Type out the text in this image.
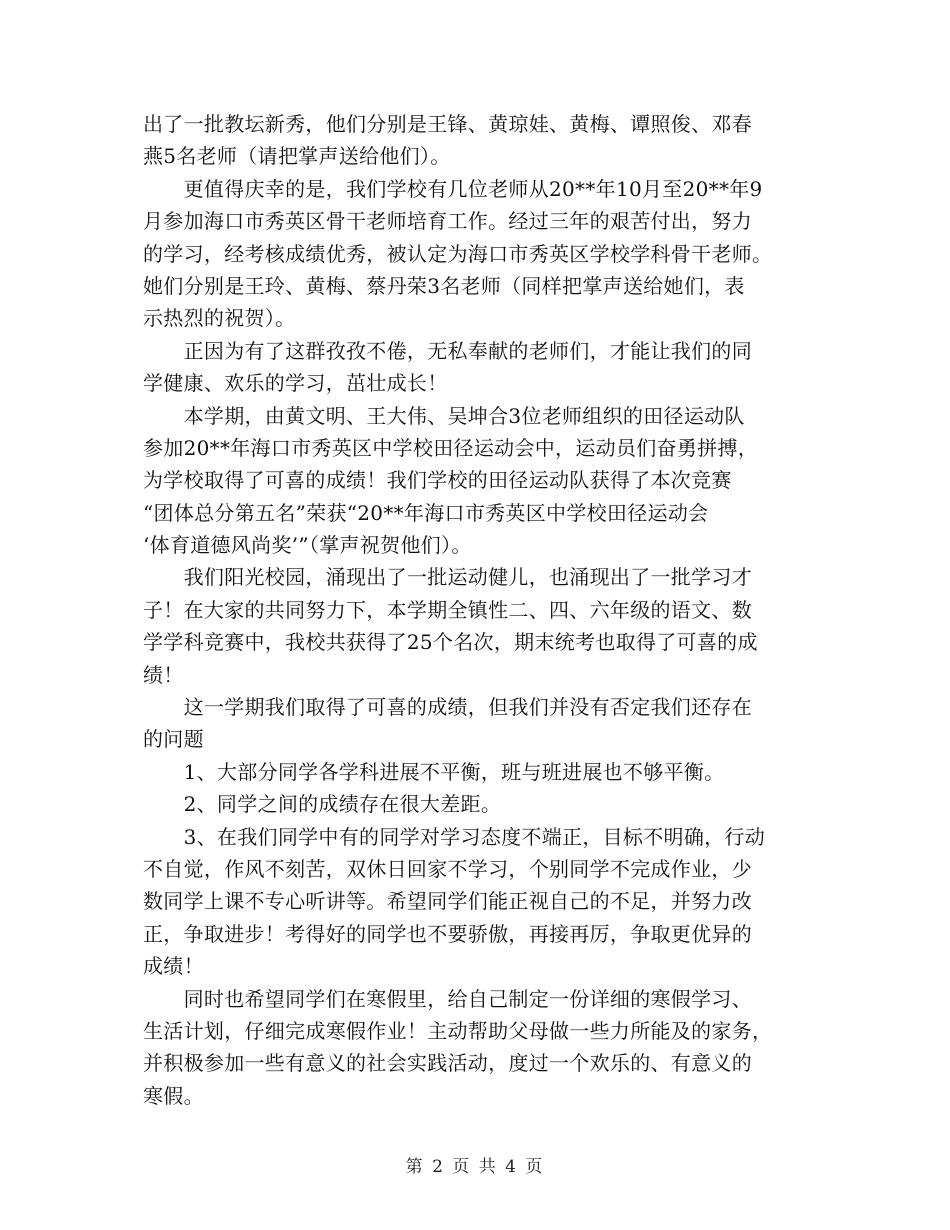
出了一批教坛新秀，他们分别是王锋、黄琼娃、黄梅、谭照俊、邓春
燕5名老师（请把掌声送给他们）。
　　更值得庆幸的是，我们学校有几位老师从20**年10月至20**年9
月参加海口市秀英区骨干老师培育工作。经过三年的艰苦付出，努力
的学习，经考核成绩优秀，被认定为海口市秀英区学校学科骨干老师。
她们分别是王玲、黄梅、蔡丹荣3名老师（同样把掌声送给她们，表
示热烈的祝贺）。
　　正因为有了这群孜孜不倦，无私奉献的老师们，才能让我们的同
学健康、欢乐的学习，茁壮成长！
　　本学期，由黄文明、王大伟、吴坤合3位老师组织的田径运动队
参加20**年海口市秀英区中学校田径运动会中，运动员们奋勇拼搏，
为学校取得了可喜的成绩！我们学校的田径运动队获得了本次竞赛
“团体总分第五名”荣获“20**年海口市秀英区中学校田径运动会
‘体育道德风尚奖’”（掌声祝贺他们）。
　　我们阳光校园，涌现出了一批运动健儿，也涌现出了一批学习才
子！在大家的共同努力下，本学期全镇性二、四、六年级的语文、数
学学科竞赛中，我校共获得了25个名次，期末统考也取得了可喜的成
绩！
　　这一学期我们取得了可喜的成绩，但我们并没有否定我们还存在
的问题
　　1、大部分同学各学科进展不平衡，班与班进展也不够平衡。
　　2、同学之间的成绩存在很大差距。
　　3、在我们同学中有的同学对学习态度不端正，目标不明确，行动
不自觉，作风不刻苦，双休日回家不学习，个别同学不完成作业，少
数同学上课不专心听讲等。希望同学们能正视自己的不足，并努力改
正，争取进步！考得好的同学也不要骄傲，再接再厉，争取更优异的
成绩！
　　同时也希望同学们在寒假里，给自己制定一份详细的寒假学习、
生活计划，仔细完成寒假作业！主动帮助父母做一些力所能及的家务，
并积极参加一些有意义的社会实践活动，度过一个欢乐的、有意义的
寒假。
第 2 页 共 4 页
